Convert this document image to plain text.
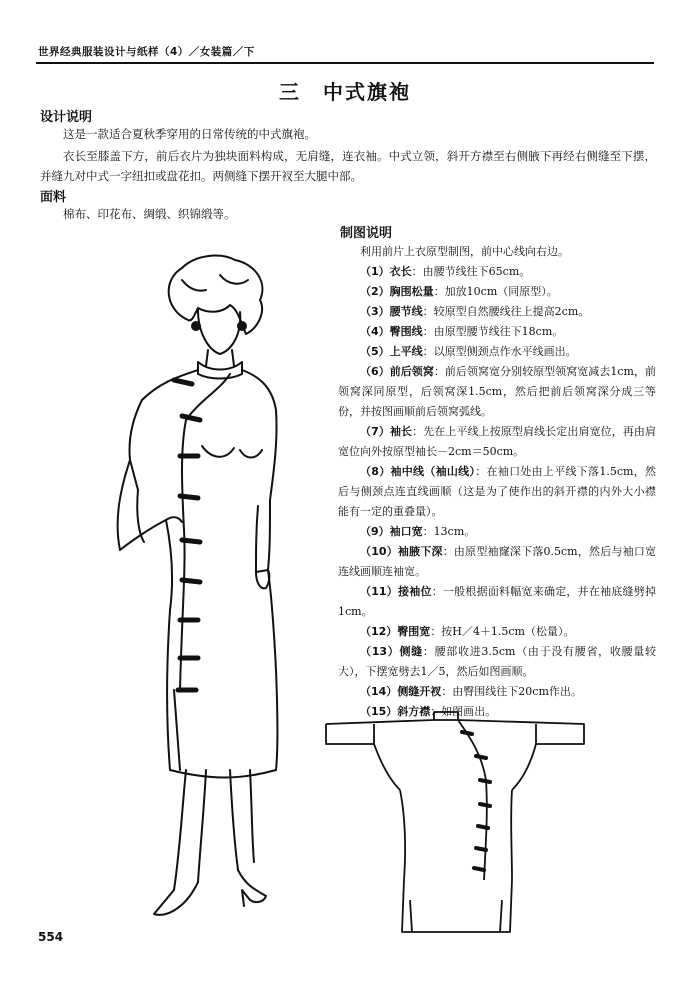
世界经典服装设计与纸样（4）／女装篇／下
三　中式旗袍
设计说明
这是一款适合夏秋季穿用的日常传统的中式旗袍。
衣长至膝盖下方，前后衣片为独块面料构成，无肩缝，连衣袖。中式立领，斜开方襟至右侧腋下再经右侧缝至下摆，并缝九对中式一字纽扣或盘花扣。两侧缝下摆开衩至大腿中部。
面料
棉布、印花布、绸缎、织锦缎等。
制图说明
利用前片上衣原型制图，前中心线向右边。
（1）衣长：由腰节线往下65cm。
（2）胸围松量：加放10cm（同原型）。
（3）腰节线：较原型自然腰线往上提高2cm。
（4）臀围线：由原型腰节线往下18cm。
（5）上平线：以原型侧颈点作水平线画出。
（6）前后领窝：前后领窝宽分别较原型领窝宽减去1cm，前领窝深同原型，后领窝深1.5cm，然后把前后领窝深分成三等份，并按图画顺前后领窝弧线。
（7）袖长：先在上平线上按原型肩线长定出肩宽位，再由肩宽位向外按原型袖长－2cm＝50cm。
（8）袖中线（袖山线）：在袖口处由上平线下落1.5cm，然后与侧颈点连直线画顺（这是为了使作出的斜开襟的内外大小襟能有一定的重叠量）。
（9）袖口宽：13cm。
（10）袖腋下深：由原型袖窿深下落0.5cm，然后与袖口宽连线画顺连袖宽。
（11）接袖位：一般根据面料幅宽来确定，并在袖底缝劈掉1cm。
（12）臀围宽：按H／4＋1.5cm（松量）。
（13）侧缝：腰部收进3.5cm（由于没有腰省，收腰量较大），下摆宽劈去1／5，然后如图画顺。
（14）侧缝开衩：由臀围线往下20cm作出。
（15）斜方襟：如图画出。
554
